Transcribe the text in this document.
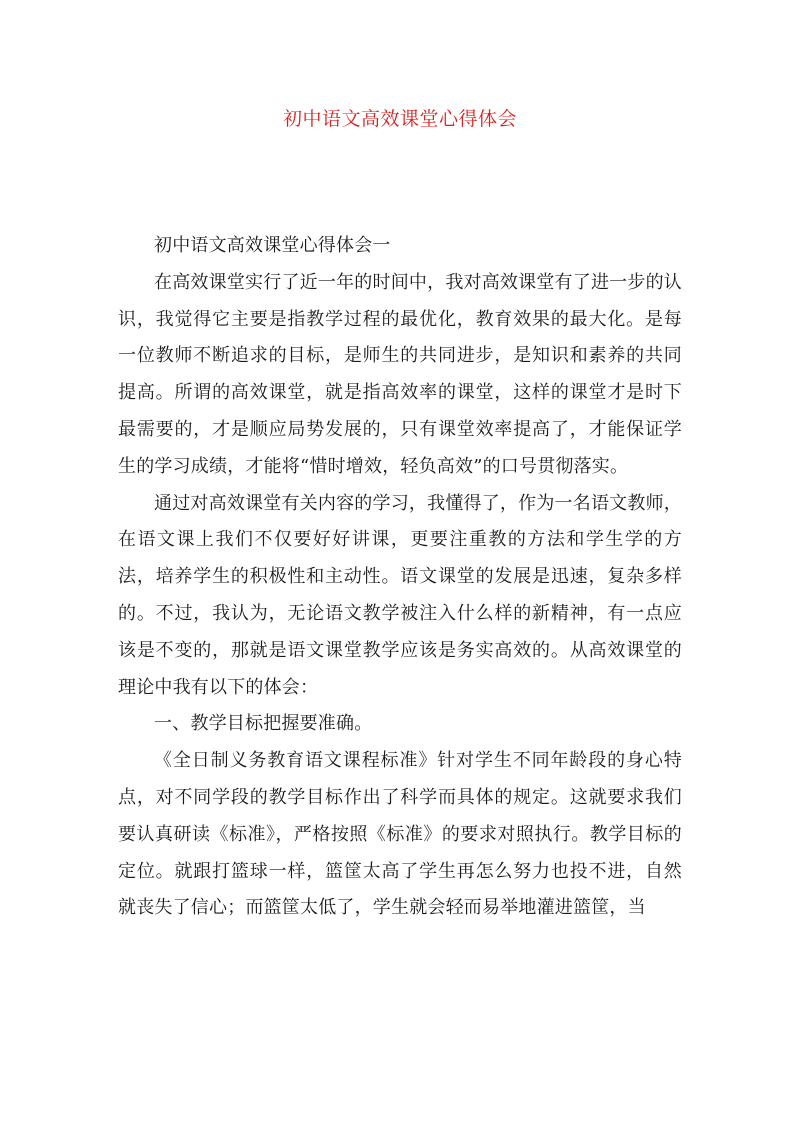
初中语文高效课堂心得体会

初中语文高效课堂心得体会一

在高效课堂实行了近一年的时间中，我对高效课堂有了进一步的认识，我觉得它主要是指教学过程的最优化，教育效果的最大化。是每一位教师不断追求的目标，是师生的共同进步，是知识和素养的共同提高。所谓的高效课堂，就是指高效率的课堂，这样的课堂才是时下最需要的，才是顺应局势发展的，只有课堂效率提高了，才能保证学生的学习成绩，才能将“惜时增效，轻负高效”的口号贯彻落实。

通过对高效课堂有关内容的学习，我懂得了，作为一名语文教师，在语文课上我们不仅要好好讲课，更要注重教的方法和学生学的方法，培养学生的积极性和主动性。语文课堂的发展是迅速，复杂多样的。不过，我认为，无论语文教学被注入什么样的新精神，有一点应该是不变的，那就是语文课堂教学应该是务实高效的。从高效课堂的理论中我有以下的体会：

一、教学目标把握要准确。

《全日制义务教育语文课程标准》针对学生不同年龄段的身心特点，对不同学段的教学目标作出了科学而具体的规定。这就要求我们要认真研读《标准》，严格按照《标准》的要求对照执行。教学目标的定位。就跟打篮球一样，篮筐太高了学生再怎么努力也投不进，自然就丧失了信心；而篮筐太低了，学生就会轻而易举地灌进篮筐，当
